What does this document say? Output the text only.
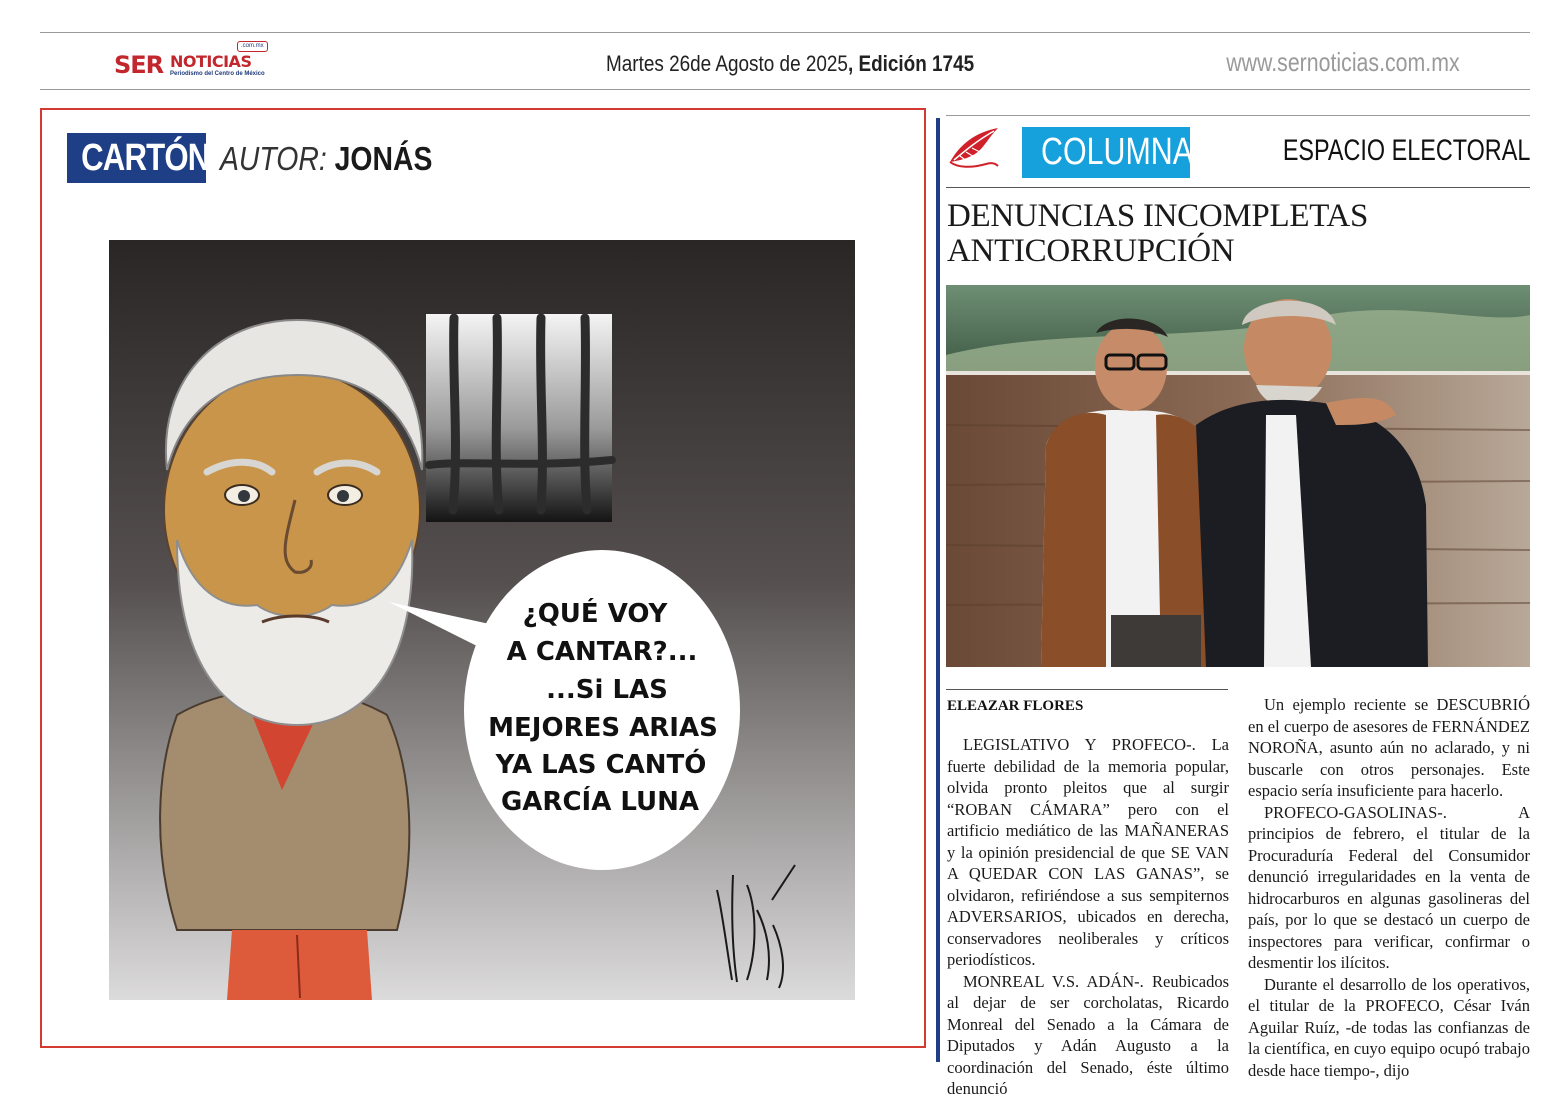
.com.mx
SER NOTICIAS
Periodismo del Centro de México	Martes 26de Agosto de 2025, Edición 1745	www.sernoticias.com.mx
CARTÓN AUTOR: JONÁS
¿QUÉ VOY
A CANTAR?...
...Si LAS
MEJORES ARIAS
YA LAS CANTÓ
GARCÍA LUNA
COLUMNA	ESPACIO ELECTORAL
DENUNCIAS INCOMPLETAS
ANTICORRUPCIÓN
ELEAZAR FLORES

LEGISLATIVO Y PROFECO-. La fuerte debilidad de la memoria popular, olvida pronto pleitos que al surgir “ROBAN CÁMARA” pero con el artificio mediático de las MAÑANERAS y la opinión presidencial de que SE VAN A QUEDAR CON LAS GANAS”, se olvidaron, refiriéndose a sus sempiternos ADVERSARIOS, ubicados en derecha, conservadores neoliberales y críticos periodísticos.

MONREAL V.S. ADÁN-. Reubicados al dejar de ser corcholatas, Ricardo Monreal del Senado a la Cámara de Diputados y Adán Augusto a la coordinación del Senado, éste último denunció

Un ejemplo reciente se DESCUBRIÓ en el cuerpo de asesores de FERNÁNDEZ NOROÑA, asunto aún no aclarado, y ni buscarle con otros personajes. Este espacio sería insuficiente para hacerlo.

PROFECO-GASOLINAS-. A principios de febrero, el titular de la Procuraduría Federal del Consumidor denunció irregularidades en la venta de hidrocarburos en algunas gasolineras del país, por lo que se destacó un cuerpo de inspectores para verificar, confirmar o desmentir los ilícitos.

Durante el desarrollo de los operativos, el titular de la PROFECO, César Iván Aguilar Ruíz, -de todas las confianzas de la científica, en cuyo equipo ocupó trabajo desde hace tiempo-, dijo
